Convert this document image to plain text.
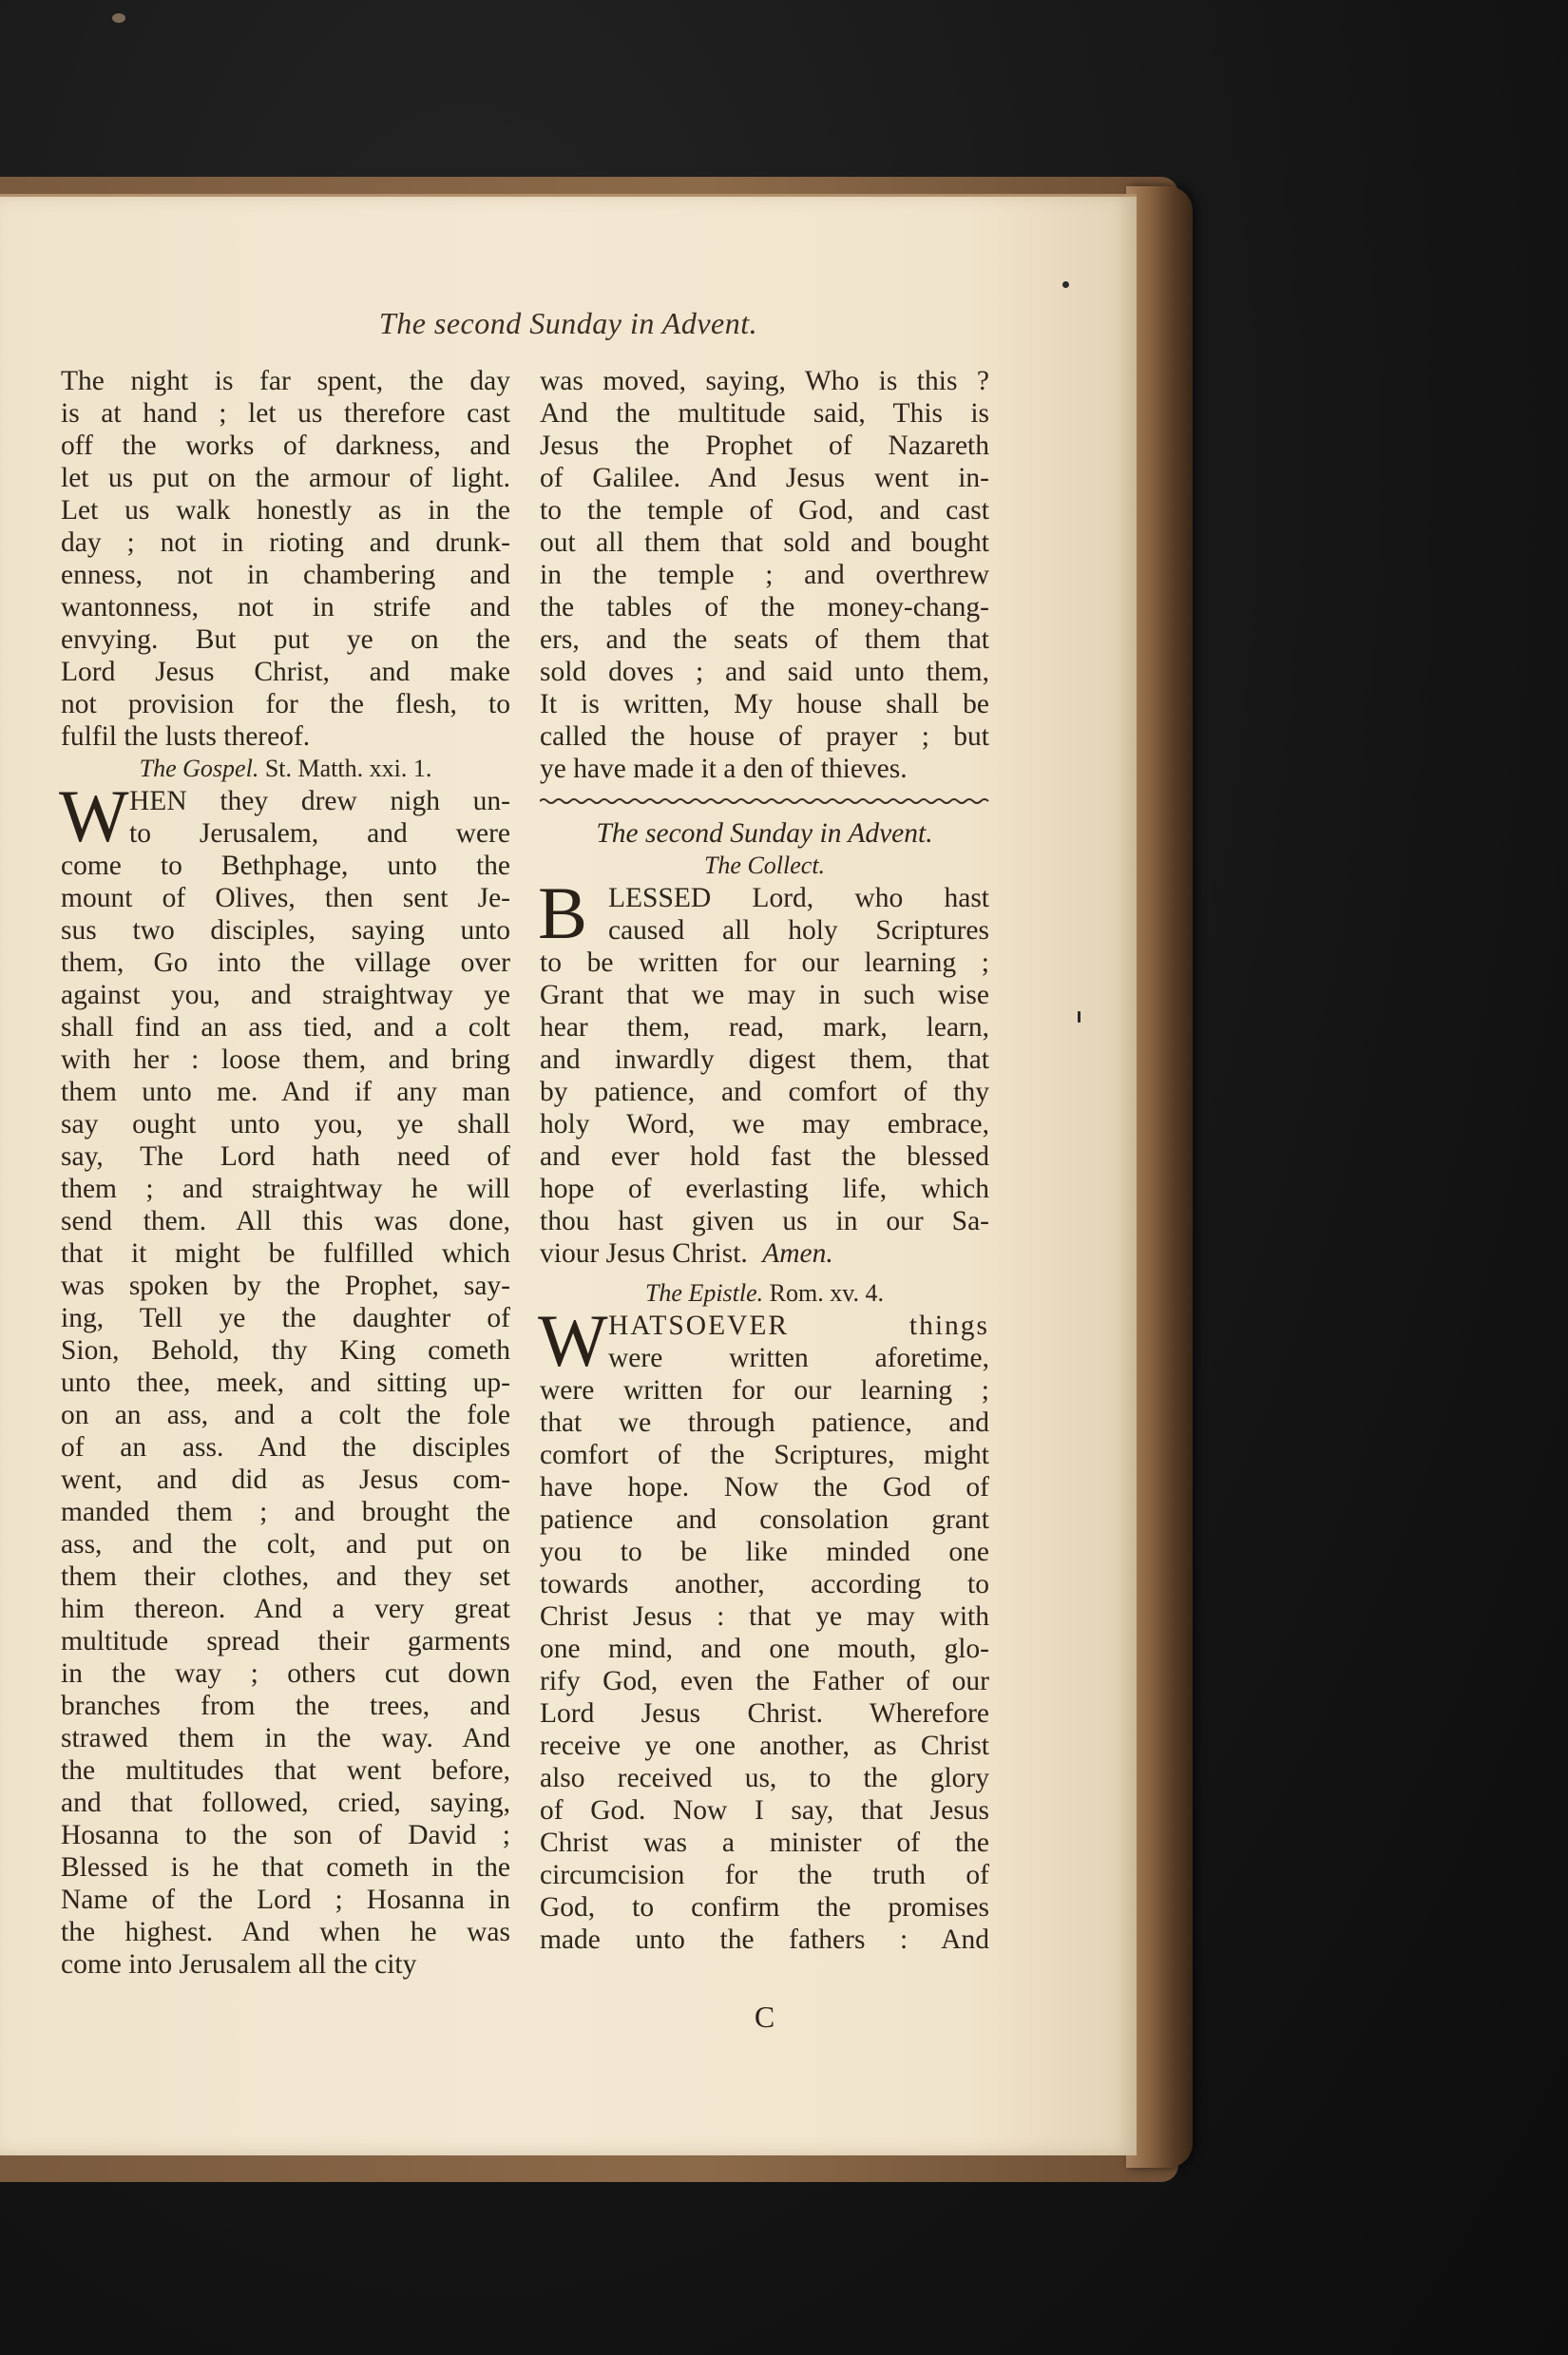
The second Sunday in Advent.
The night is far spent, the day
is at hand ; let us therefore cast
off the works of darkness, and
let us put on the armour of light.
Let us walk honestly as in the
day ; not in rioting and drunk-
enness, not in chambering and
wantonness, not in strife and
envying. But put ye on the
Lord Jesus Christ, and make
not provision for the flesh, to
fulfil the lusts thereof.
The Gospel. St. Matth. xxi. 1.
W HEN they drew nigh un-
to Jerusalem, and were
come to Bethphage, unto the
mount of Olives, then sent Je-
sus two disciples, saying unto
them, Go into the village over
against you, and straightway ye
shall find an ass tied, and a colt
with her : loose them, and bring
them unto me. And if any man
say ought unto you, ye shall
say, The Lord hath need of
them ; and straightway he will
send them. All this was done,
that it might be fulfilled which
was spoken by the Prophet, say-
ing, Tell ye the daughter of
Sion, Behold, thy King cometh
unto thee, meek, and sitting up-
on an ass, and a colt the fole
of an ass. And the disciples
went, and did as Jesus com-
manded them ; and brought the
ass, and the colt, and put on
them their clothes, and they set
him thereon. And a very great
multitude spread their garments
in the way ; others cut down
branches from the trees, and
strawed them in the way. And
the multitudes that went before,
and that followed, cried, saying,
Hosanna to the son of David ;
Blessed is he that cometh in the
Name of the Lord ; Hosanna in
the highest. And when he was
come into Jerusalem all the city
was moved, saying, Who is this ?
And the multitude said, This is
Jesus the Prophet of Nazareth
of Galilee. And Jesus went in-
to the temple of God, and cast
out all them that sold and bought
in the temple ; and overthrew
the tables of the money-chang-
ers, and the seats of them that
sold doves ; and said unto them,
It is written, My house shall be
called the house of prayer ; but
ye have made it a den of thieves.
The second Sunday in Advent.
The Collect.
B LESSED Lord, who hast
caused all holy Scriptures
to be written for our learning ;
Grant that we may in such wise
hear them, read, mark, learn,
and inwardly digest them, that
by patience, and comfort of thy
holy Word, we may embrace,
and ever hold fast the blessed
hope of everlasting life, which
thou hast given us in our Sa-
viour Jesus Christ. Amen.
The Epistle. Rom. xv. 4.
W HATSOEVER things
were written aforetime,
were written for our learning ;
that we through patience, and
comfort of the Scriptures, might
have hope. Now the God of
patience and consolation grant
you to be like minded one
towards another, according to
Christ Jesus : that ye may with
one mind, and one mouth, glo-
rify God, even the Father of our
Lord Jesus Christ. Wherefore
receive ye one another, as Christ
also received us, to the glory
of God. Now I say, that Jesus
Christ was a minister of the
circumcision for the truth of
God, to confirm the promises
made unto the fathers : And
C
